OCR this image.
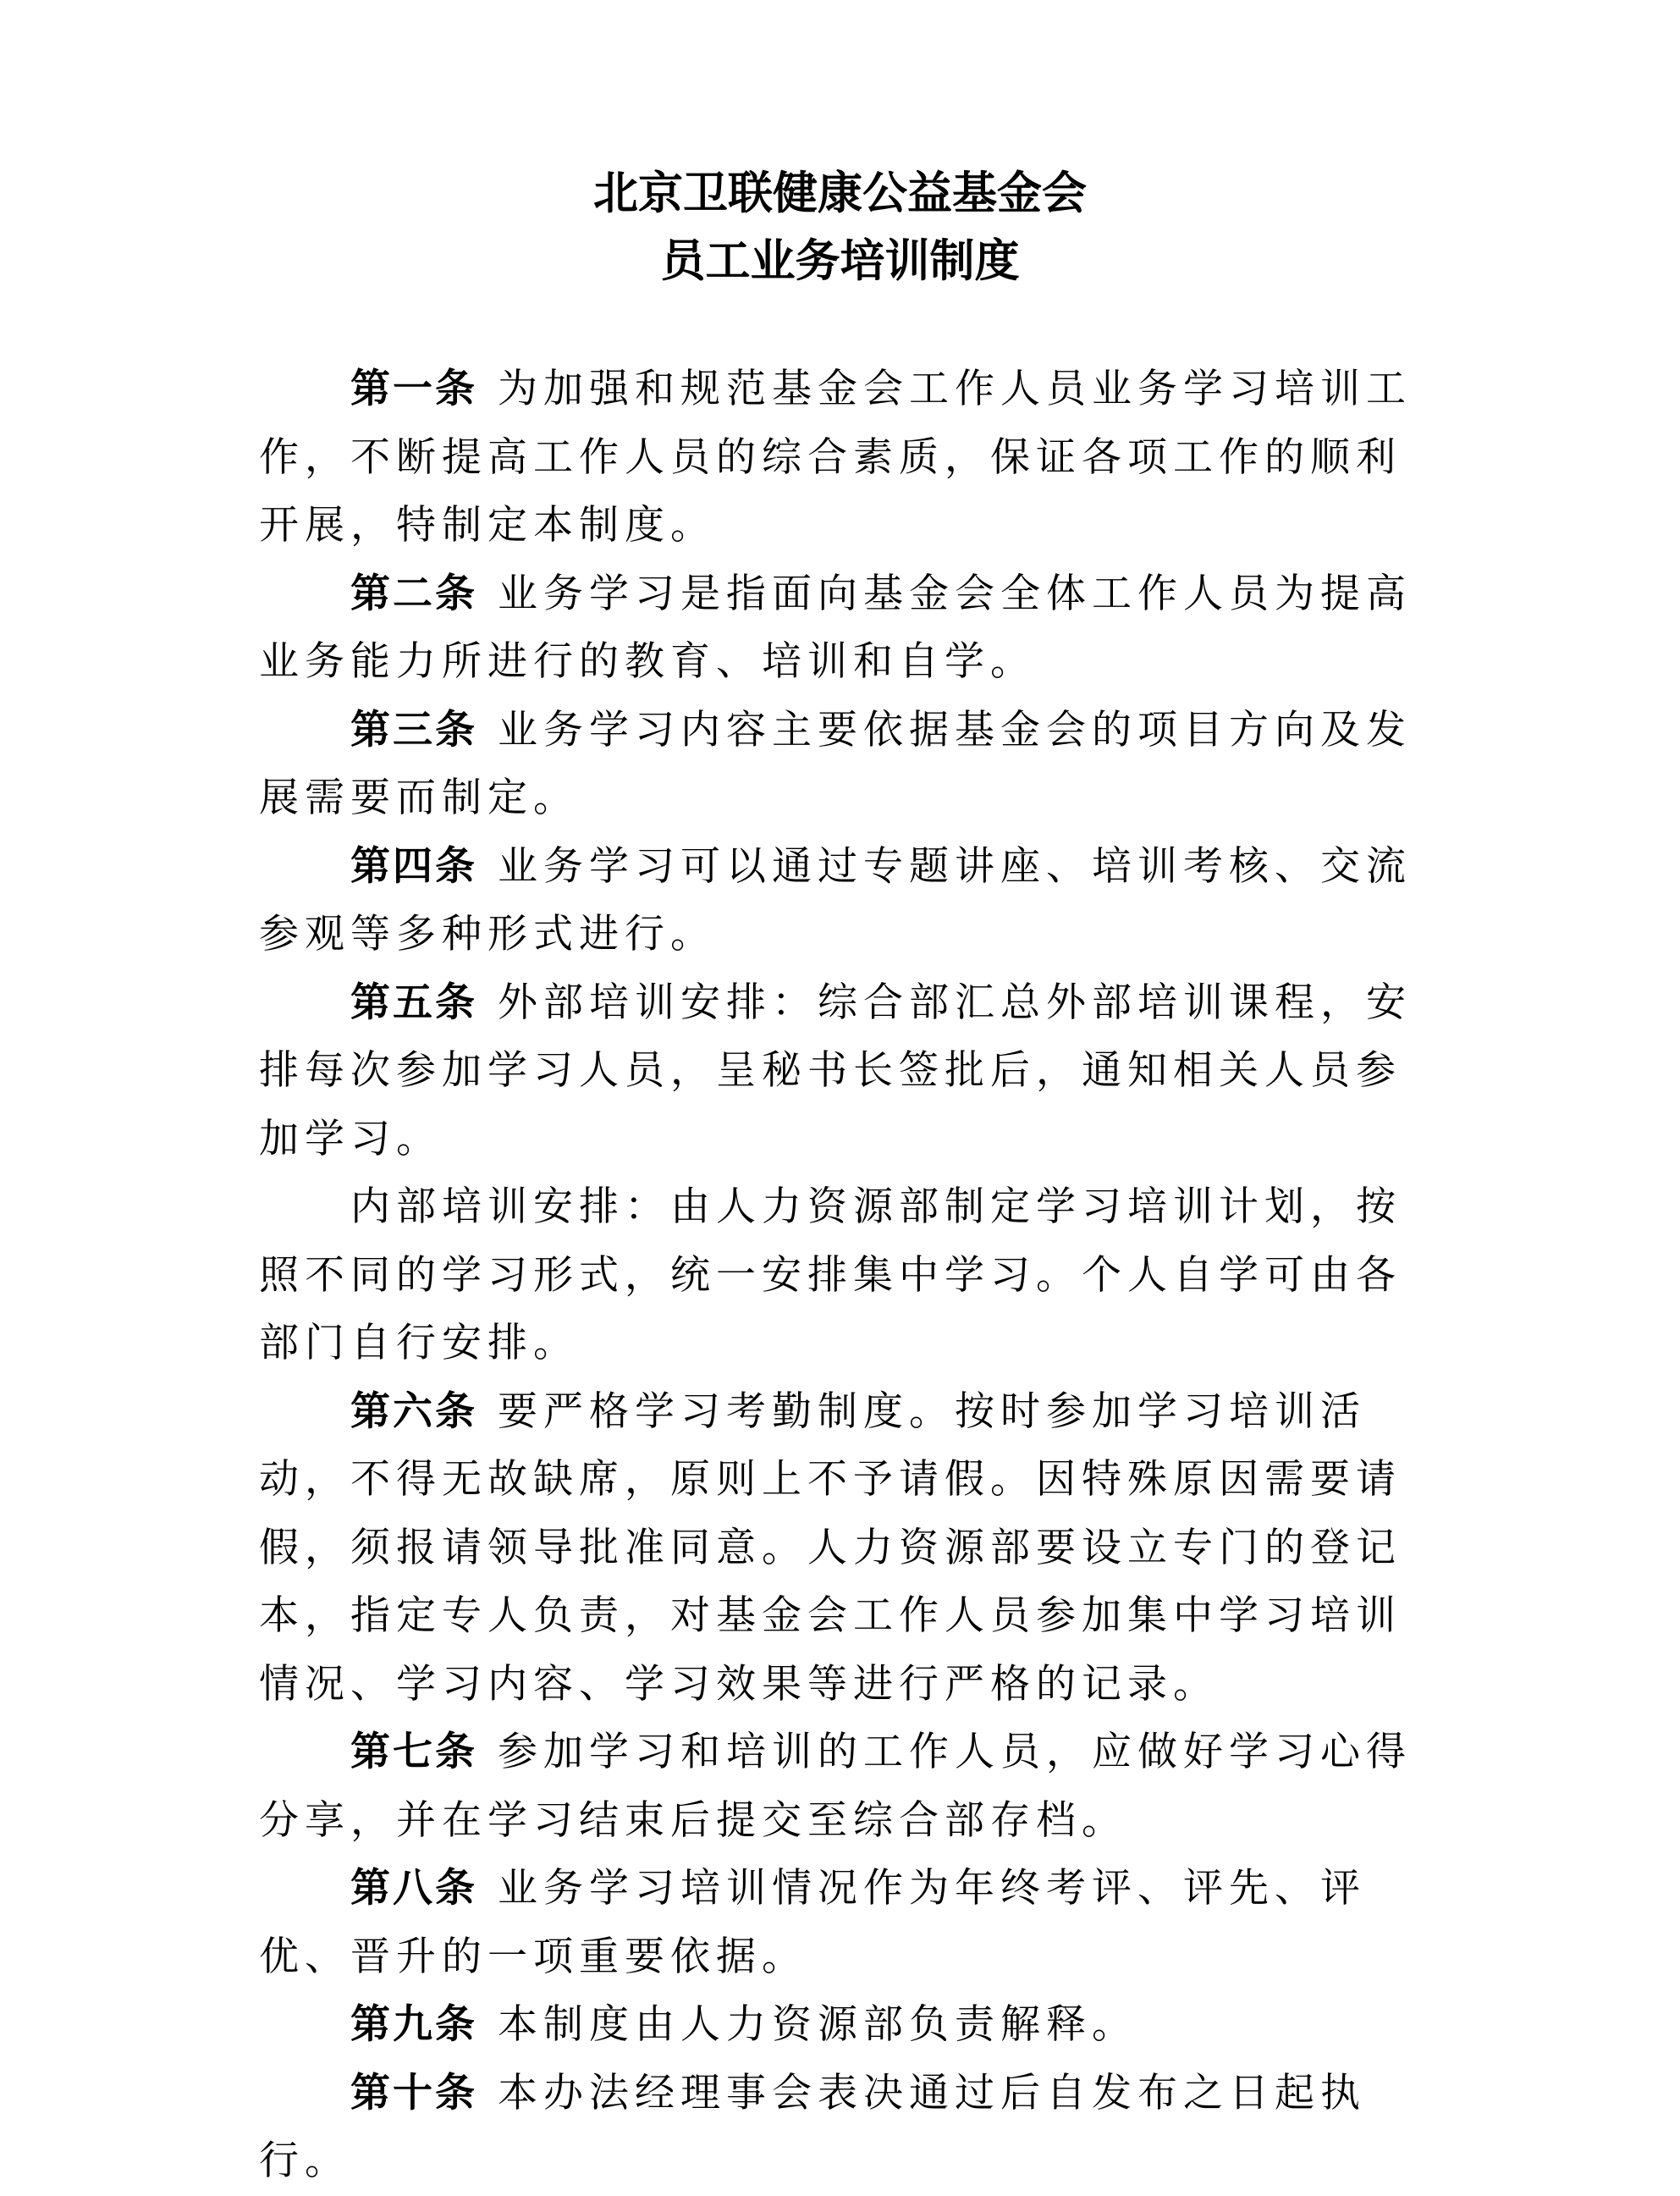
北京卫联健康公益基金会
员工业务培训制度

第一条 为加强和规范基金会工作人员业务学习培训工作，不断提高工作人员的综合素质，保证各项工作的顺利开展，特制定本制度。

第二条 业务学习是指面向基金会全体工作人员为提高业务能力所进行的教育、培训和自学。

第三条 业务学习内容主要依据基金会的项目方向及发展需要而制定。

第四条 业务学习可以通过专题讲座、培训考核、交流参观等多种形式进行。

第五条 外部培训安排：综合部汇总外部培训课程，安排每次参加学习人员，呈秘书长签批后，通知相关人员参加学习。

内部培训安排：由人力资源部制定学习培训计划，按照不同的学习形式，统一安排集中学习。个人自学可由各部门自行安排。

第六条 要严格学习考勤制度。按时参加学习培训活动，不得无故缺席，原则上不予请假。因特殊原因需要请假，须报请领导批准同意。人力资源部要设立专门的登记本，指定专人负责，对基金会工作人员参加集中学习培训情况、学习内容、学习效果等进行严格的记录。

第七条 参加学习和培训的工作人员，应做好学习心得分享，并在学习结束后提交至综合部存档。

第八条 业务学习培训情况作为年终考评、评先、评优、晋升的一项重要依据。

第九条 本制度由人力资源部负责解释。

第十条 本办法经理事会表决通过后自发布之日起执行。
